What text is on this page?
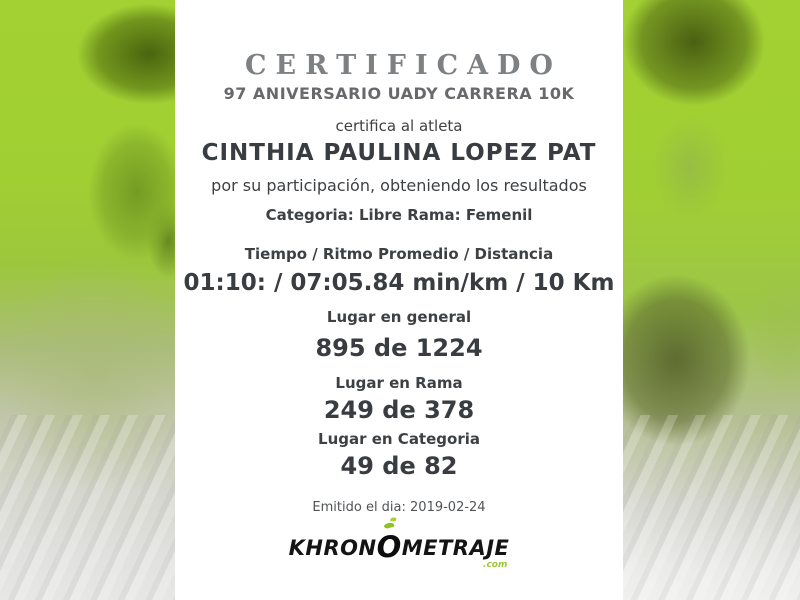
CERTIFICADO
97 ANIVERSARIO UADY CARRERA 10K
certifica al atleta
CINTHIA PAULINA LOPEZ PAT
por su participación, obteniendo los resultados
Categoria: Libre Rama: Femenil
Tiempo / Ritmo Promedio / Distancia
01:10: / 07:05.84 min/km / 10 Km
Lugar en general
895 de 1224
Lugar en Rama
249 de 378
Lugar en Categoria
49 de 82
Emitido el dia: 2019-02-24
KHRON
OMETRAJE
.com
